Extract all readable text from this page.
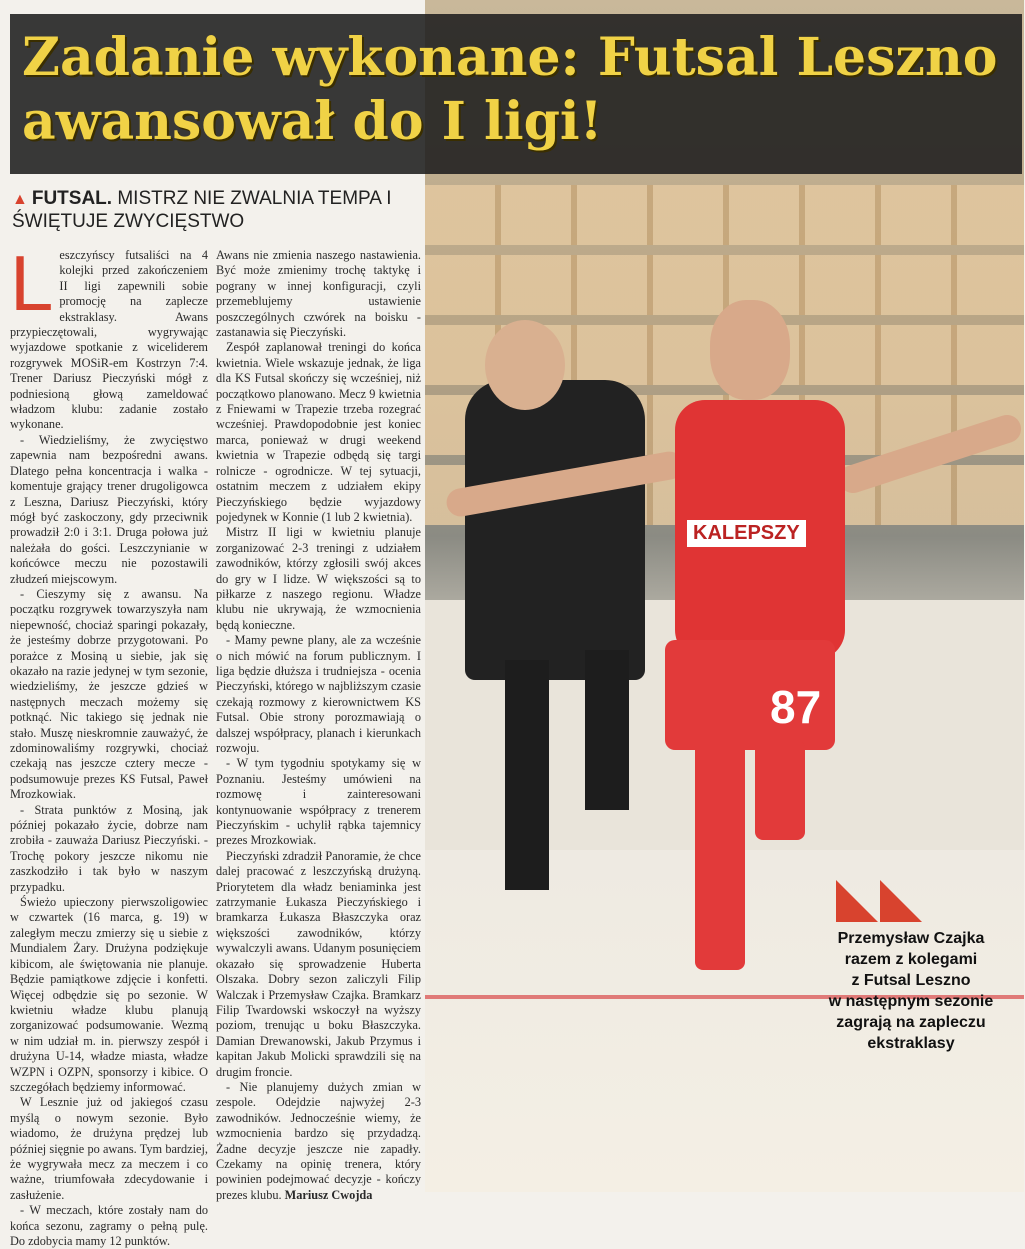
KALEPSZY
87
Zadanie wykonane: Futsal Leszno
awansował do I ligi!
▲ FUTSAL. MISTRZ NIE ZWALNIA TEMPA I ŚWIĘTUJE ZWYCIĘSTWO

Leszczyńscy futsaliści na 4 kolejki przed zakończeniem II ligi zapewnili sobie promocję na zaplecze ekstraklasy. Awans przypieczętowali, wygrywając wyjazdowe spotkanie z wiceliderem rozgrywek MOSiR-em Kostrzyn 7:4. Trener Dariusz Pieczyński mógł z podniesioną głową zameldować władzom klubu: zadanie zostało wykonane.

- Wiedzieliśmy, że zwycięstwo zapewnia nam bezpośredni awans. Dlatego pełna koncentracja i walka - komentuje grający trener drugoligowca z Leszna, Dariusz Pieczyński, który mógł być zaskoczony, gdy przeciwnik prowadził 2:0 i 3:1. Druga połowa już należała do gości. Leszczynianie w końcówce meczu nie pozostawili złudzeń miejscowym.

- Cieszymy się z awansu. Na początku rozgrywek towarzyszyła nam niepewność, chociaż sparingi pokazały, że jesteśmy dobrze przygotowani. Po porażce z Mosiną u siebie, jak się okazało na razie jedynej w tym sezonie, wiedzieliśmy, że jeszcze gdzieś w następnych meczach możemy się potknąć. Nic takiego się jednak nie stało. Muszę nieskromnie zauważyć, że zdominowaliśmy rozgrywki, chociaż czekają nas jeszcze cztery mecze - podsumowuje prezes KS Futsal, Paweł Mrozkowiak.

- Strata punktów z Mosiną, jak później pokazało życie, dobrze nam zrobiła - zauważa Dariusz Pieczyński. - Trochę pokory jeszcze nikomu nie zaszkodziło i tak było w naszym przypadku.

Świeżo upieczony pierwszoligowiec w czwartek (16 marca, g. 19) w zaległym meczu zmierzy się u siebie z Mundialem Żary. Drużyna podziękuje kibicom, ale świętowania nie planuje. Będzie pamiątkowe zdjęcie i konfetti. Więcej odbędzie się po sezonie. W kwietniu władze klubu planują zorganizować podsumowanie. Wezmą w nim udział m. in. pierwszy zespół i drużyna U-14, władze miasta, władze WZPN i OZPN, sponsorzy i kibice. O szczegółach będziemy informować.

W Lesznie już od jakiegoś czasu myślą o nowym sezonie. Było wiadomo, że drużyna prędzej lub później sięgnie po awans. Tym bardziej, że wygrywała mecz za meczem i co ważne, triumfowała zdecydowanie i zasłużenie.

- W meczach, które zostały nam do końca sezonu, zagramy o pełną pulę. Do zdobycia mamy 12 punktów.

Awans nie zmienia naszego nastawienia. Być może zmienimy trochę taktykę i pograny w innej konfiguracji, czyli przemeblujemy ustawienie poszczególnych czwórek na boisku - zastanawia się Pieczyński.

Zespół zaplanował treningi do końca kwietnia. Wiele wskazuje jednak, że liga dla KS Futsal skończy się wcześniej, niż początkowo planowano. Mecz 9 kwietnia z Fniewami w Trapezie trzeba rozegrać wcześniej. Prawdopodobnie jest koniec marca, ponieważ w drugi weekend kwietnia w Trapezie odbędą się targi rolnicze - ogrodnicze. W tej sytuacji, ostatnim meczem z udziałem ekipy Pieczyńskiego będzie wyjazdowy pojedynek w Konnie (1 lub 2 kwietnia).

Mistrz II ligi w kwietniu planuje zorganizować 2-3 treningi z udziałem zawodników, którzy zgłosili swój akces do gry w I lidze. W większości są to piłkarze z naszego regionu. Władze klubu nie ukrywają, że wzmocnienia będą konieczne.

- Mamy pewne plany, ale za wcześnie o nich mówić na forum publicznym. I liga będzie dłuższa i trudniejsza - ocenia Pieczyński, którego w najbliższym czasie czekają rozmowy z kierownictwem KS Futsal. Obie strony porozmawiają o dalszej współpracy, planach i kierunkach rozwoju.

- W tym tygodniu spotykamy się w Poznaniu. Jesteśmy umówieni na rozmowę i zainteresowani kontynuowanie współpracy z trenerem Pieczyńskim - uchylił rąbka tajemnicy prezes Mrozkowiak.

Pieczyński zdradził Panoramie, że chce dalej pracować z leszczyńską drużyną. Priorytetem dla władz beniaminka jest zatrzymanie Łukasza Pieczyńskiego i bramkarza Łukasza Błaszczyka oraz większości zawodników, którzy wywalczyli awans. Udanym posunięciem okazało się sprowadzenie Huberta Olszaka. Dobry sezon zaliczyli Filip Walczak i Przemysław Czajka. Bramkarz Filip Twardowski wskoczył na wyższy poziom, trenując u boku Błaszczyka. Damian Drewanowski, Jakub Przymus i kapitan Jakub Molicki sprawdzili się na drugim froncie.

- Nie planujemy dużych zmian w zespole. Odejdzie najwyżej 2-3 zawodników. Jednocześnie wiemy, że wzmocnienia bardzo się przydadzą. Żadne decyzje jeszcze nie zapadły. Czekamy na opinię trenera, który powinien podejmować decyzje - kończy prezes klubu. Mariusz Cwojda

Przemysław Czajka
razem z kolegami
z Futsal Leszno
w następnym sezonie
zagrają na zapleczu
ekstraklasy
